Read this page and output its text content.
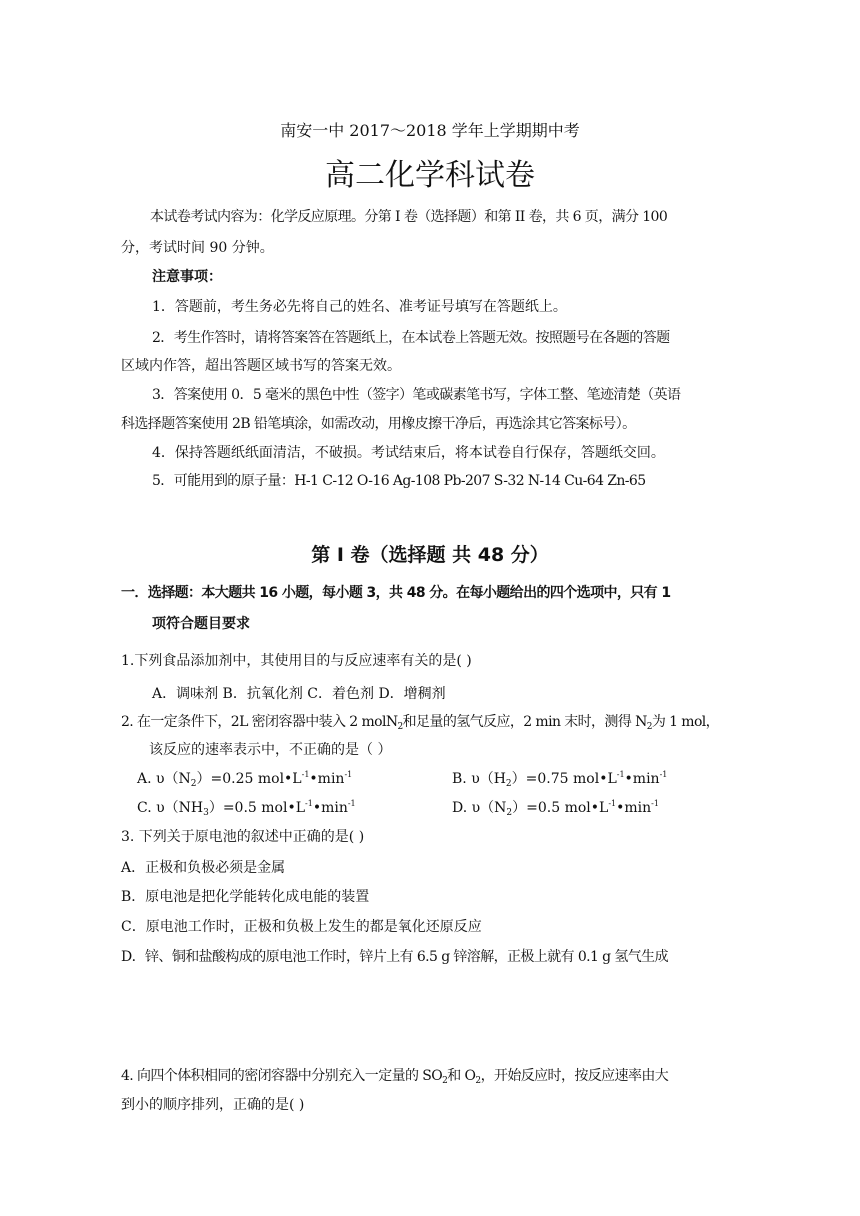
南安一中 2017～2018 学年上学期期中考
高二化学科试卷
本试卷考试内容为：化学反应原理。分第 I 卷（选择题）和第 II 卷，共 6 页，满分 100
分，考试时间 90 分钟。
注意事项：
1．答题前，考生务必先将自己的姓名、准考证号填写在答题纸上。
2．考生作答时，请将答案答在答题纸上，在本试卷上答题无效。按照题号在各题的答题
区域内作答，超出答题区域书写的答案无效。
3．答案使用 0．5 毫米的黑色中性（签字）笔或碳素笔书写，字体工整、笔迹清楚（英语
科选择题答案使用 2B 铅笔填涂，如需改动，用橡皮擦干净后，再选涂其它答案标号）。
4．保持答题纸纸面清洁，不破损。考试结束后，将本试卷自行保存，答题纸交回。
5．可能用到的原子量：H-1 C-12 O-16 Ag-108 Pb-207 S-32 N-14 Cu-64 Zn-65
第 I 卷（选择题 共 48 分）
一．选择题：本大题共 16 小题，每小题 3，共 48 分。在每小题给出的四个选项中，只有 1
项符合题目要求
1.下列食品添加剂中，其使用目的与反应速率有关的是( )
A．调味剂 B．抗氧化剂 C．着色剂 D．增稠剂
2. 在一定条件下，2L 密闭容器中装入 2 molN$_2$和足量的氢气反应，2 min 末时，测得 $N_2$为 1 mol，
该反应的速率表示中，不正确的是（ ）
A. $\upsilon(N_2)=0.25$ $mol•L^{-1}•\min^{-1}$	B. $\upsilon(H_2)=0.75$ $mol•L^{-1}•\min^{-1}$
C. $\upsilon(NH_3)=0.5$ $mol•L^{-1}•\min^{-1}$	D. $\upsilon(N_2)=0.5$ $mol•L^{-1}•\min^{-1}$
3. 下列关于原电池的叙述中正确的是( )
A．正极和负极必须是金属
B．原电池是把化学能转化成电能的装置
C．原电池工作时，正极和负极上发生的都是氧化还原反应
D．锌、铜和盐酸构成的原电池工作时，锌片上有 6.5 g 锌溶解，正极上就有 0.1 g 氢气生成
4. 向四个体积相同的密闭容器中分别充入一定量的 $SO_2$和 $O_2$，开始反应时，按反应速率由大
到小的顺序排列，正确的是( )
